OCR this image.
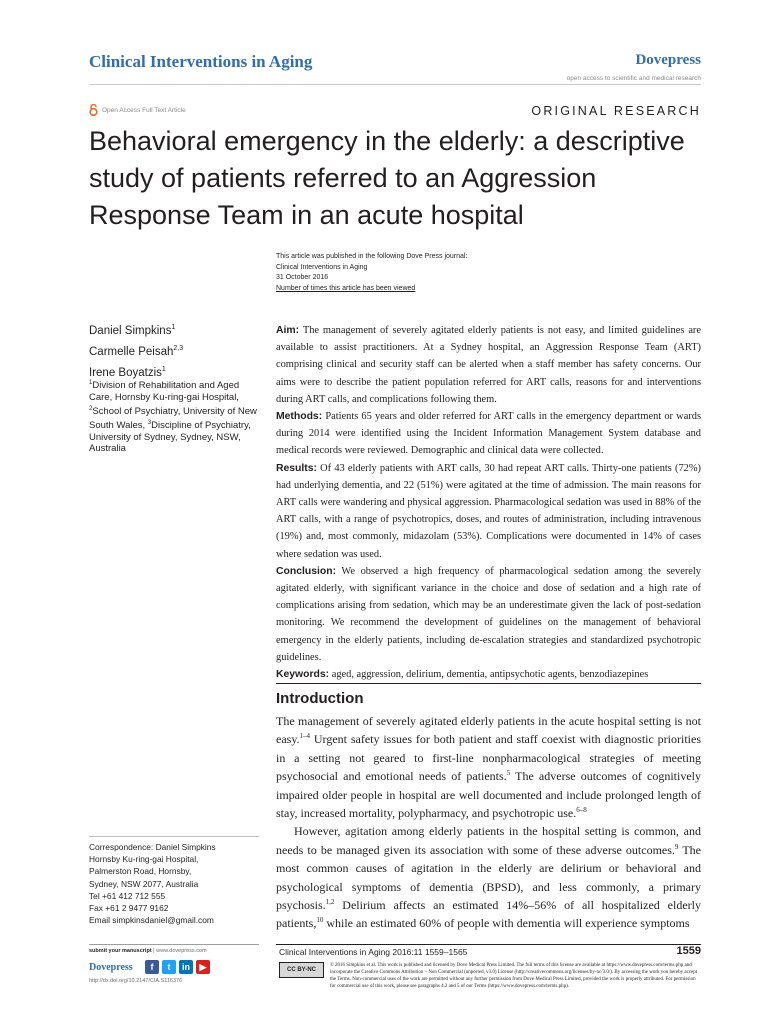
Clinical Interventions in Aging	Dovepress
open access to scientific and medical research
Open Access Full Text Article	ORIGINAL RESEARCH
Behavioral emergency in the elderly: a descriptive study of patients referred to an Aggression Response Team in an acute hospital
This article was published in the following Dove Press journal:
Clinical Interventions in Aging
31 October 2016
Number of times this article has been viewed
Daniel Simpkins$^1$
Carmelle Peisah$^{2,3}$
Irene Boyatzis$^1$
$^1$Division of Rehabilitation and Aged Care, Hornsby Ku-ring-gai Hospital, $^2$School of Psychiatry, University of New South Wales, $^3$Discipline of Psychiatry, University of Sydney, Sydney, NSW, Australia

Aim: The management of severely agitated elderly patients is not easy, and limited guidelines are available to assist practitioners. At a Sydney hospital, an Aggression Response Team (ART) comprising clinical and security staff can be alerted when a staff member has safety concerns. Our aims were to describe the patient population referred for ART calls, reasons for and interventions during ART calls, and complications following them.

Methods: Patients 65 years and older referred for ART calls in the emergency department or wards during 2014 were identified using the Incident Information Management System database and medical records were reviewed. Demographic and clinical data were collected.

Results: Of 43 elderly patients with ART calls, 30 had repeat ART calls. Thirty-one patients (72%) had underlying dementia, and 22 (51%) were agitated at the time of admission. The main reasons for ART calls were wandering and physical aggression. Pharmacological sedation was used in 88% of the ART calls, with a range of psychotropics, doses, and routes of administration, including intravenous (19%) and, most commonly, midazolam (53%). Complications were documented in 14% of cases where sedation was used.

Conclusion: We observed a high frequency of pharmacological sedation among the severely agitated elderly, with significant variance in the choice and dose of sedation and a high rate of complications arising from sedation, which may be an underestimate given the lack of post-sedation monitoring. We recommend the development of guidelines on the management of behavioral emergency in the elderly patients, including de-escalation strategies and standardized psychotropic guidelines.

Keywords: aged, aggression, delirium, dementia, antipsychotic agents, benzodiazepines

Introduction

The management of severely agitated elderly patients in the acute hospital setting is not easy.$^{1-4}$ Urgent safety issues for both patient and staff coexist with diagnostic priorities in a setting not geared to first-line nonpharmacological strategies of meeting psychosocial and emotional needs of patients.$^5$ The adverse outcomes of cognitively impaired older people in hospital are well documented and include prolonged length of stay, increased mortality, polypharmacy, and psychotropic use.$^{6-8}$

However, agitation among elderly patients in the hospital setting is common, and needs to be managed given its association with some of these adverse outcomes.$^9$ The most common causes of agitation in the elderly are delirium or behavioral and psychological symptoms of dementia (BPSD), and less commonly, a primary psychosis.$^{1,2}$ Delirium affects an estimated 14%–56% of all hospitalized elderly patients,$^{10}$ while an estimated 60% of people with dementia will experience symptoms

Correspondence: Daniel Simpkins
Hornsby Ku-ring-gai Hospital,
Palmerston Road, Hornsby,
Sydney, NSW 2077, Australia
Tel +61 412 712 555
Fax +61 2 9477 9162
Email simpkinsdaniel@gmail.com
submit your manuscript | www.dovepress.com
Dovepress	f	t	in	▶
http://dx.doi.org/10.2147/CIA.S116376
Clinical Interventions in Aging 2016:11 1559–1565	1559
CC BY-NC
© 2016 Simpkins et al. This work is published and licensed by Dove Medical Press Limited. The full terms of this license are available at https://www.dovepress.com/terms.php and incorporate the Creative Commons Attribution – Non Commercial (unported, v3.0) License (http://creativecommons.org/licenses/by-nc/3.0/). By accessing the work you hereby accept the Terms. Non-commercial uses of the work are permitted without any further permission from Dove Medical Press Limited, provided the work is properly attributed. For permission for commercial use of this work, please see paragraphs 4.2 and 5 of our Terms (https://www.dovepress.com/terms.php).
